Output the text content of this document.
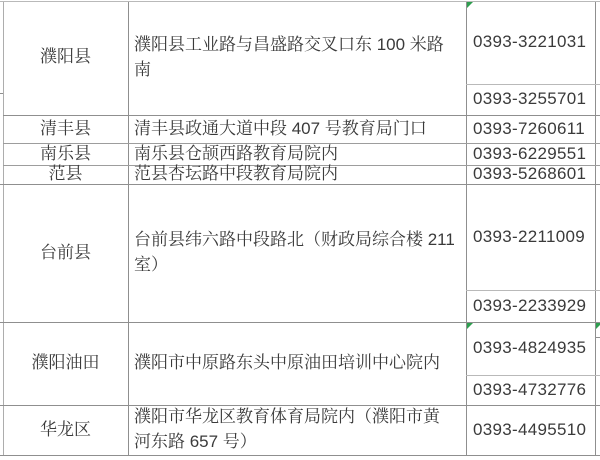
濮阳县
清丰县
南乐县
范县
台前县
濮阳油田
华龙区
濮阳县工业路与昌盛路交叉口东 100 米路南
清丰县政通大道中段 407 号教育局门口
南乐县仓颉西路教育局院内
范县杏坛路中段教育局院内
台前县纬六路中段路北（财政局综合楼 211 室）
濮阳市中原路东头中原油田培训中心院内
濮阳市华龙区教育体育局院内（濮阳市黄河东路 657 号）
0393-3221031
0393-3255701
0393-7260611
0393-6229551
0393-5268601
0393-2211009
0393-2233929
0393-4824935
0393-4732776
0393-4495510
